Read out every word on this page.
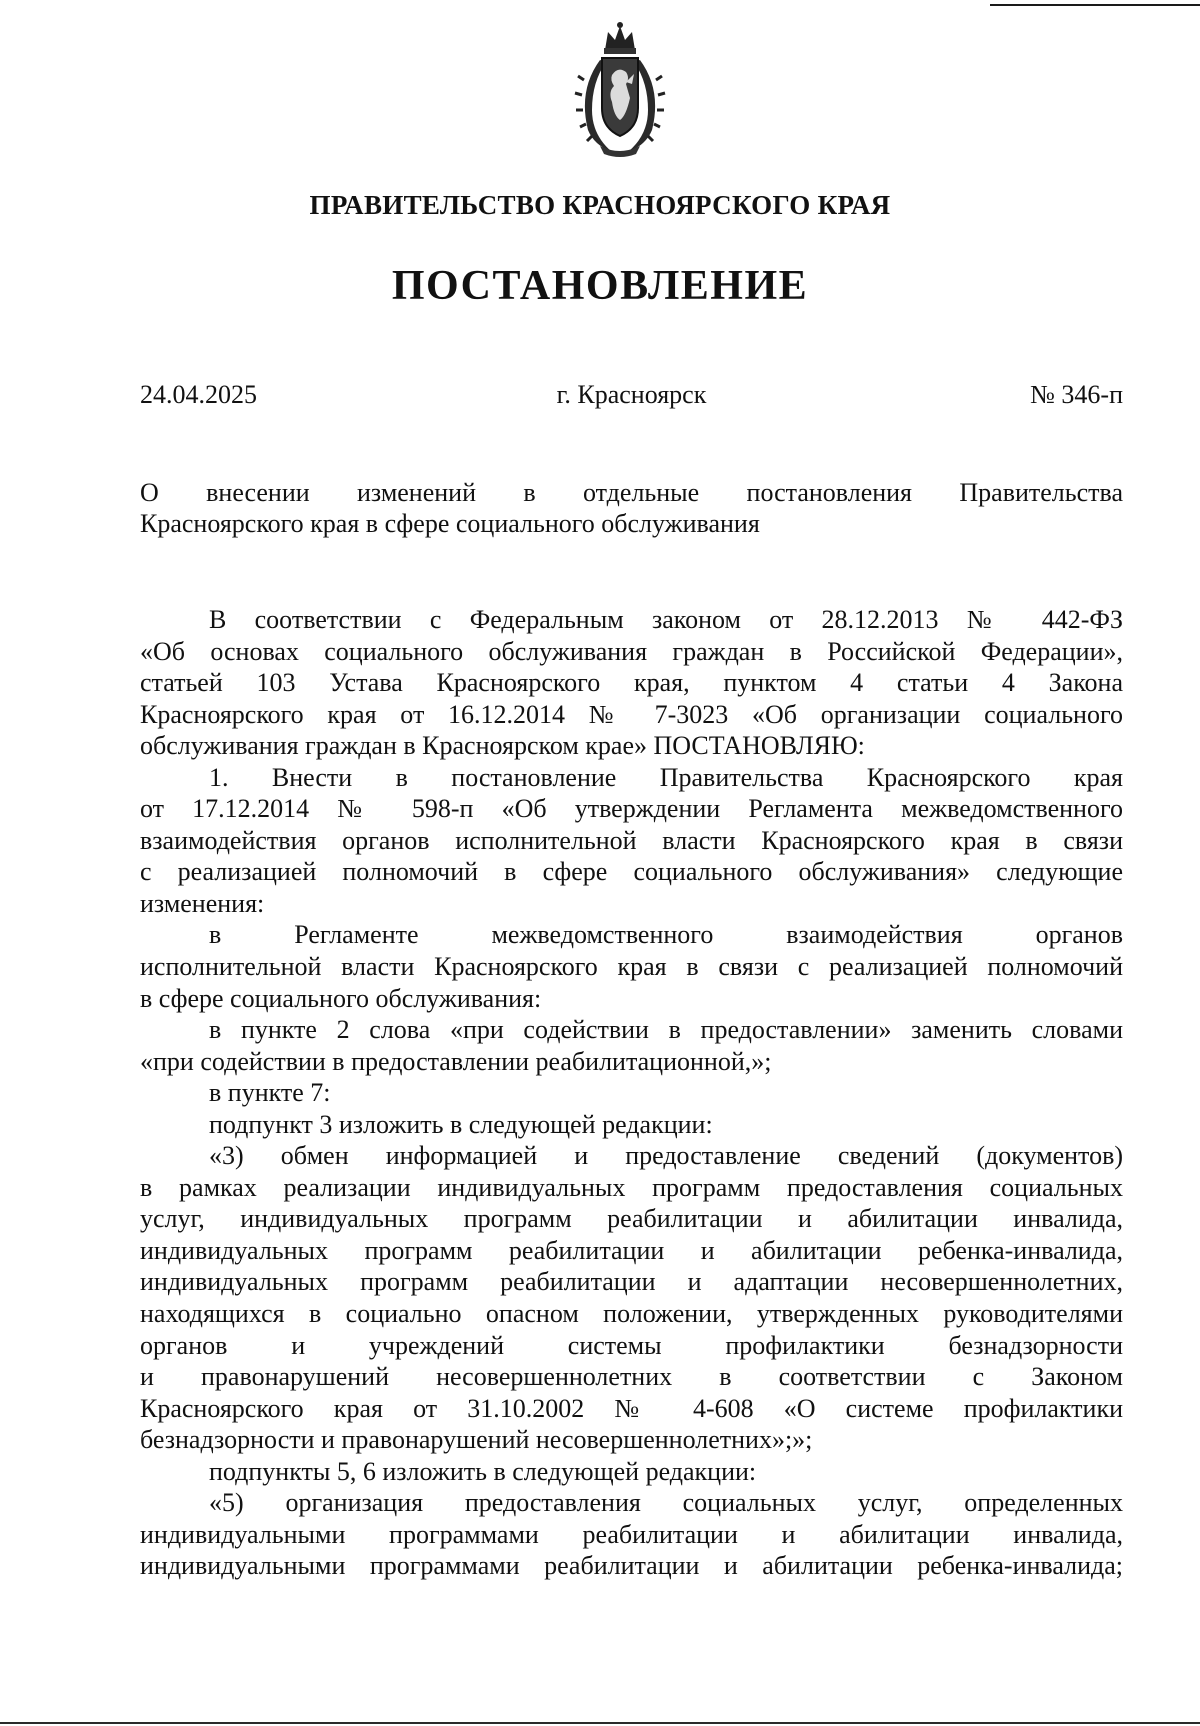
ПРАВИТЕЛЬСТВО КРАСНОЯРСКОГО КРАЯ
ПОСТАНОВЛЕНИЕ
24.04.2025	г. Красноярск	№ 346-п
О внесении изменений в отдельные постановления Правительства
Красноярского края в сфере социального обслуживания
В соответствии с Федеральным законом от 28.12.2013 № 442-ФЗ
«Об основах социального обслуживания граждан в Российской Федерации»,
статьей 103 Устава Красноярского края, пунктом 4 статьи 4 Закона
Красноярского края от 16.12.2014 № 7-3023 «Об организации социального
обслуживания граждан в Красноярском крае» ПОСТАНОВЛЯЮ:
1. Внести в постановление Правительства Красноярского края
от 17.12.2014 № 598-п «Об утверждении Регламента межведомственного
взаимодействия органов исполнительной власти Красноярского края в связи
с реализацией полномочий в сфере социального обслуживания» следующие
изменения:
в Регламенте межведомственного взаимодействия органов
исполнительной власти Красноярского края в связи с реализацией полномочий
в сфере социального обслуживания:
в пункте 2 слова «при содействии в предоставлении» заменить словами
«при содействии в предоставлении реабилитационной,»;
в пункте 7:
подпункт 3 изложить в следующей редакции:
«3) обмен информацией и предоставление сведений (документов)
в рамках реализации индивидуальных программ предоставления социальных
услуг, индивидуальных программ реабилитации и абилитации инвалида,
индивидуальных программ реабилитации и абилитации ребенка-инвалида,
индивидуальных программ реабилитации и адаптации несовершеннолетних,
находящихся в социально опасном положении, утвержденных руководителями
органов и учреждений системы профилактики безнадзорности
и правонарушений несовершеннолетних в соответствии с Законом
Красноярского края от 31.10.2002 № 4-608 «О системе профилактики
безнадзорности и правонарушений несовершеннолетних»;»;
подпункты 5, 6 изложить в следующей редакции:
«5) организация предоставления социальных услуг, определенных
индивидуальными программами реабилитации и абилитации инвалида,
индивидуальными программами реабилитации и абилитации ребенка-инвалида;
